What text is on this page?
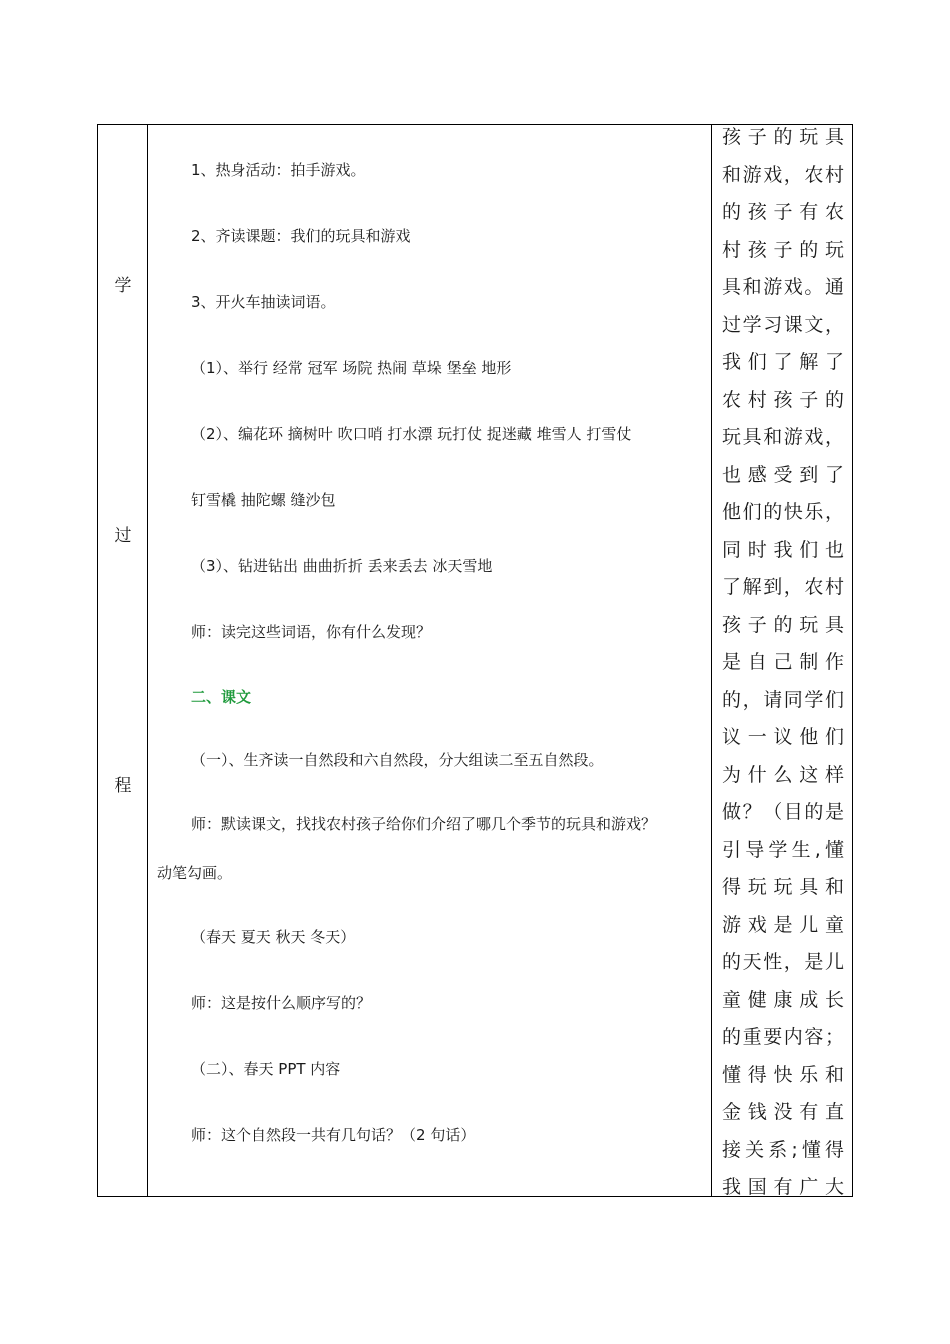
学
过
程
1、热身活动：拍手游戏。
2、齐读课题：我们的玩具和游戏
3、开火车抽读词语。
（1）、举行 经常 冠军 场院 热闹 草垛 堡垒 地形
（2）、编花环 摘树叶 吹口哨 打水漂 玩打仗 捉迷藏 堆雪人 打雪仗
钉雪橇 抽陀螺 缝沙包
（3）、钻进钻出 曲曲折折 丢来丢去 冰天雪地
师：读完这些词语，你有什么发现？
二、课文
（一）、生齐读一自然段和六自然段，分大组读二至五自然段。
师：默读课文，找找农村孩子给你们介绍了哪几个季节的玩具和游戏？
动笔勾画。
（春天 夏天 秋天 冬天）
师：这是按什么顺序写的？
（二）、春天 PPT 内容
师：这个自然段一共有几句话？（2 句话）
孩子的玩具
和游戏，农村
的孩子有农
村孩子的玩
具和游戏。通
过学习课文，
我们了解了
农村孩子的
玩具和游戏，
也感受到了
他们的快乐，
同时我们也
了解到，农村
孩子的玩具
是自己制作
的，请同学们
议一议他们
为什么这样
做？（目的是
引导学生,懂
得玩玩具和
游戏是儿童
的天性，是儿
童健康成长
的重要内容；
懂得快乐和
金钱没有直
接关系;懂得
我国有广大
